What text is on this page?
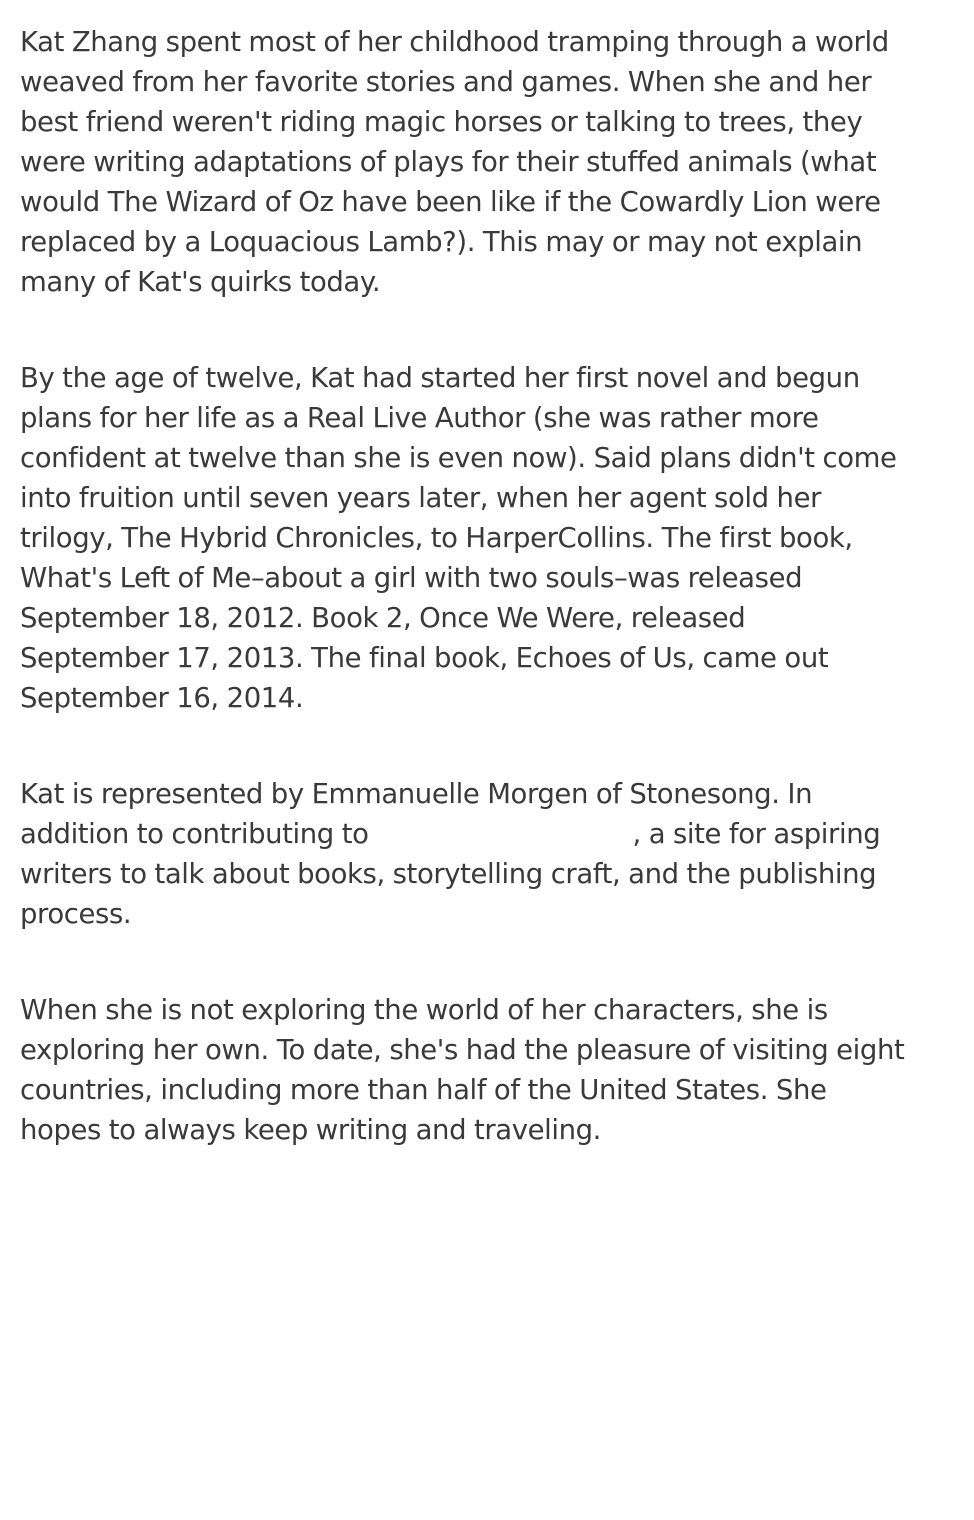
Kat Zhang spent most of her childhood tramping through a world
weaved from her favorite stories and games. When she and her
best friend weren't riding magic horses or talking to trees, they
were writing adaptations of plays for their stuffed animals (what
would The Wizard of Oz have been like if the Cowardly Lion were
replaced by a Loquacious Lamb?). This may or may not explain
many of Kat's quirks today.

By the age of twelve, Kat had started her first novel and begun
plans for her life as a Real Live Author (she was rather more
confident at twelve than she is even now). Said plans didn't come
into fruition until seven years later, when her agent sold her
trilogy, The Hybrid Chronicles, to HarperCollins. The first book,
What's Left of Me–about a girl with two souls–was released
September 18, 2012. Book 2, Once We Were, released
September 17, 2013. The final book, Echoes of Us, came out
September 16, 2014.

Kat is represented by Emmanuelle Morgen of Stonesong. In
addition to contributing to	, a site for aspiring
writers to talk about books, storytelling craft, and the publishing
process.

When she is not exploring the world of her characters, she is
exploring her own. To date, she's had the pleasure of visiting eight
countries, including more than half of the United States. She
hopes to always keep writing and traveling.
